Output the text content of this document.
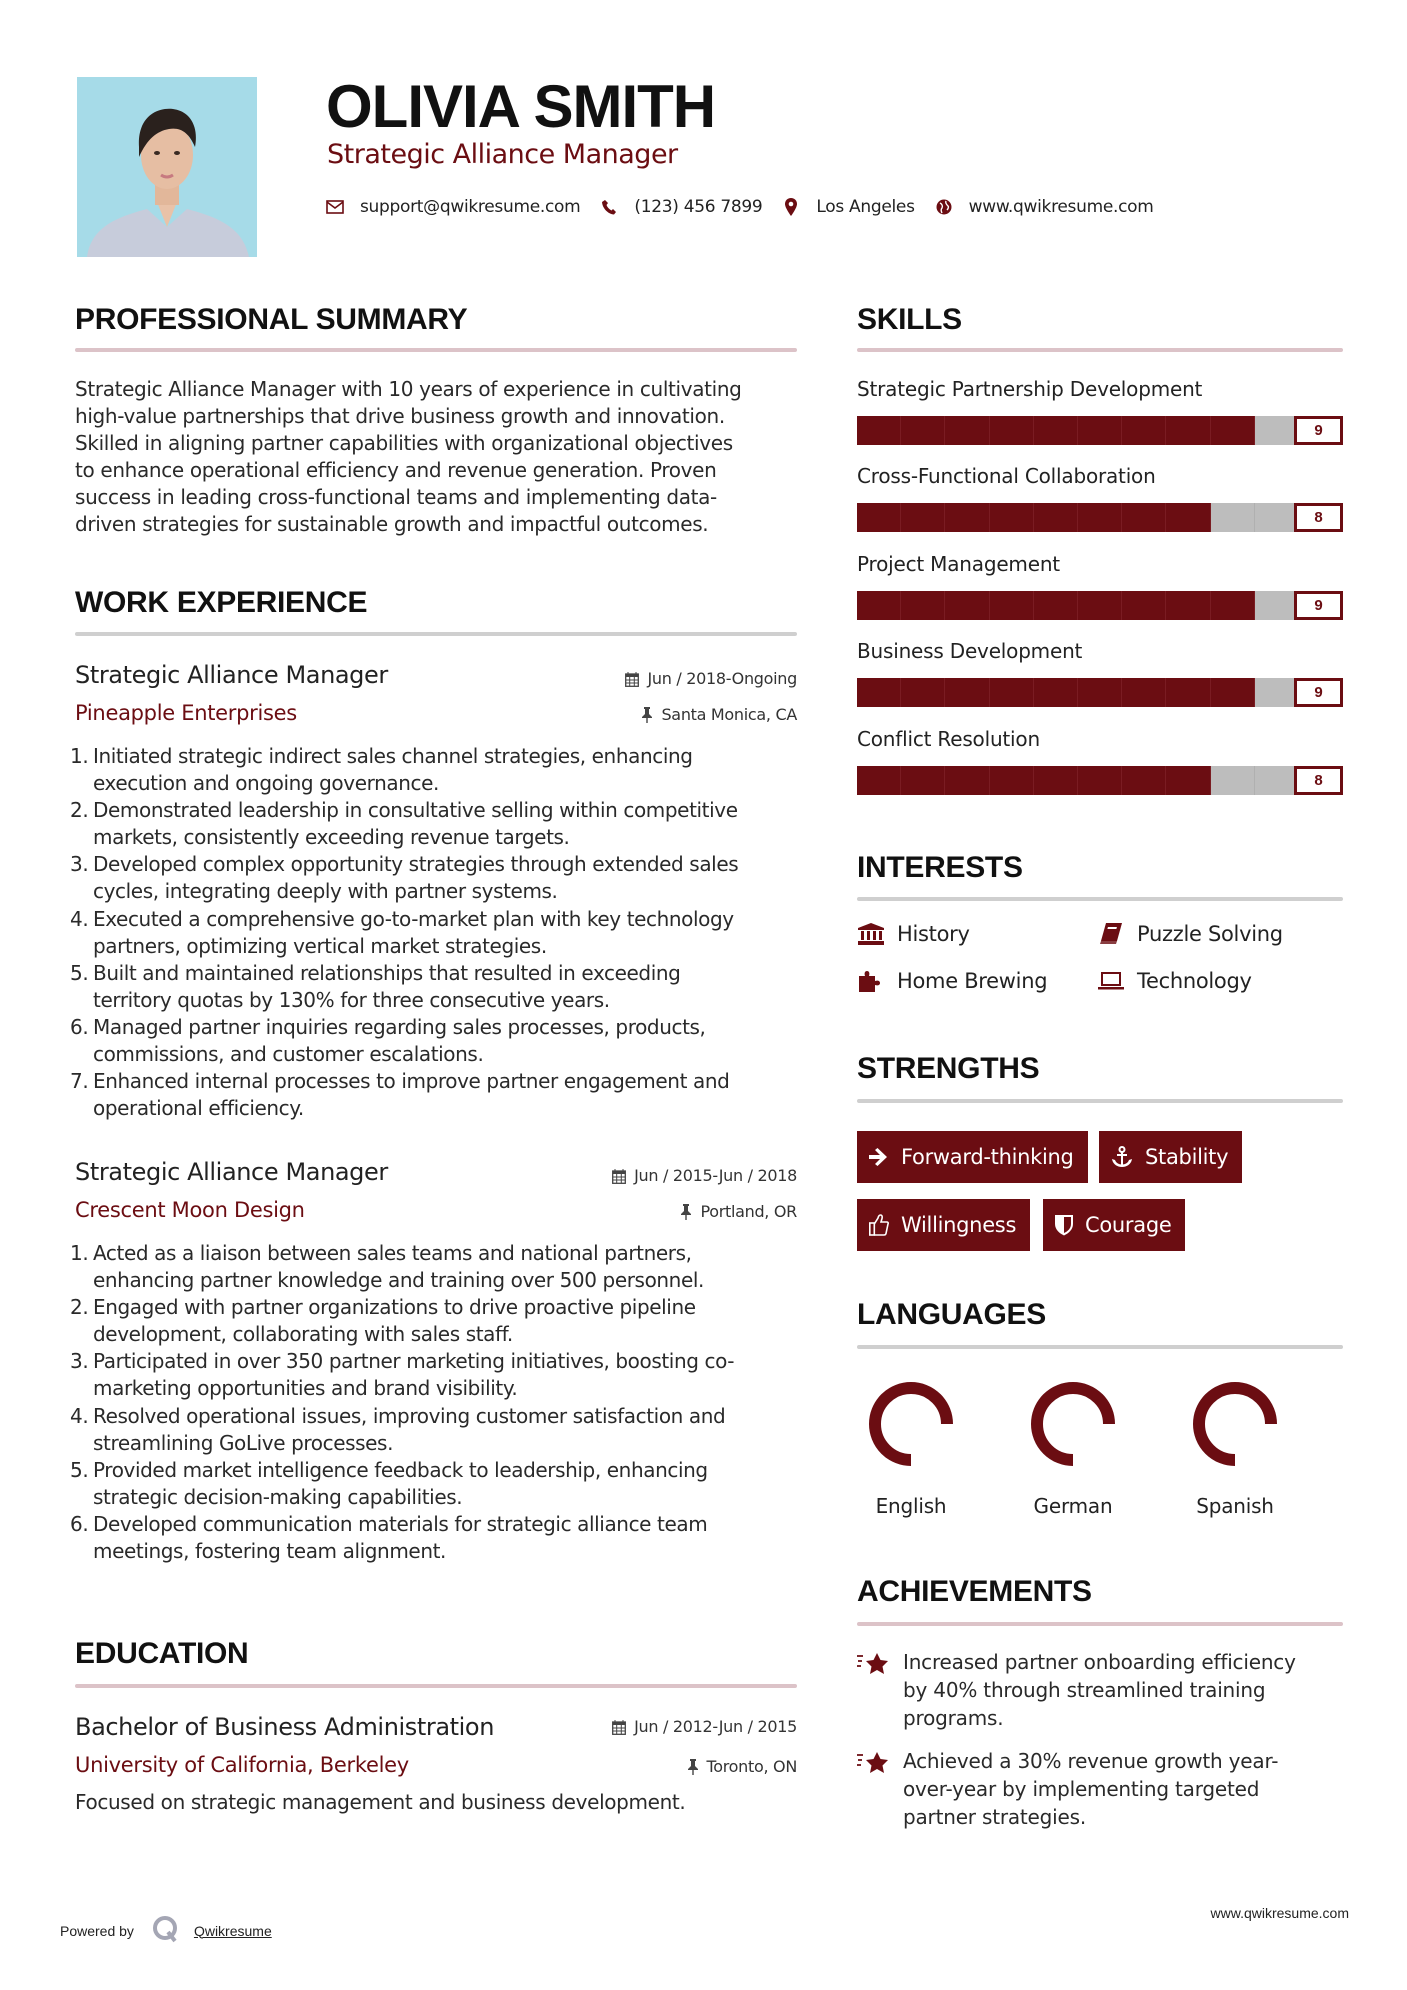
OLIVIA SMITH
Strategic Alliance Manager
support@qwikresume.com	(123) 456 7899	Los Angeles	www.qwikresume.com
PROFESSIONAL SUMMARY
Strategic Alliance Manager with 10 years of experience in cultivating
high-value partnerships that drive business growth and innovation.
Skilled in aligning partner capabilities with organizational objectives
to enhance operational efficiency and revenue generation. Proven
success in leading cross-functional teams and implementing data-
driven strategies for sustainable growth and impactful outcomes.
WORK EXPERIENCE
Strategic Alliance Manager	Jun / 2018-Ongoing
Pineapple Enterprises	Santa Monica, CA
1. Initiated strategic indirect sales channel strategies, enhancing
execution and ongoing governance.
2. Demonstrated leadership in consultative selling within competitive
markets, consistently exceeding revenue targets.
3. Developed complex opportunity strategies through extended sales
cycles, integrating deeply with partner systems.
4. Executed a comprehensive go-to-market plan with key technology
partners, optimizing vertical market strategies.
5. Built and maintained relationships that resulted in exceeding
territory quotas by 130% for three consecutive years.
6. Managed partner inquiries regarding sales processes, products,
commissions, and customer escalations.
7. Enhanced internal processes to improve partner engagement and
operational efficiency.
Strategic Alliance Manager	Jun / 2015-Jun / 2018
Crescent Moon Design	Portland, OR
1. Acted as a liaison between sales teams and national partners,
enhancing partner knowledge and training over 500 personnel.
2. Engaged with partner organizations to drive proactive pipeline
development, collaborating with sales staff.
3. Participated in over 350 partner marketing initiatives, boosting co-
marketing opportunities and brand visibility.
4. Resolved operational issues, improving customer satisfaction and
streamlining GoLive processes.
5. Provided market intelligence feedback to leadership, enhancing
strategic decision-making capabilities.
6. Developed communication materials for strategic alliance team
meetings, fostering team alignment.
EDUCATION
Bachelor of Business Administration	Jun / 2012-Jun / 2015
University of California, Berkeley	Toronto, ON
Focused on strategic management and business development.
SKILLS
Strategic Partnership Development
9
Cross-Functional Collaboration
8
Project Management
9
Business Development
9
Conflict Resolution
8
INTERESTS
History	Puzzle Solving
Home Brewing	Technology
STRENGTHS
Forward-thinking	Stability
Willingness	Courage
LANGUAGES
English	German	Spanish
ACHIEVEMENTS
Increased partner onboarding efficiency
by 40% through streamlined training
programs.
Achieved a 30% revenue growth year-
over-year by implementing targeted
partner strategies.
Powered by	Qwikresume
www.qwikresume.com
